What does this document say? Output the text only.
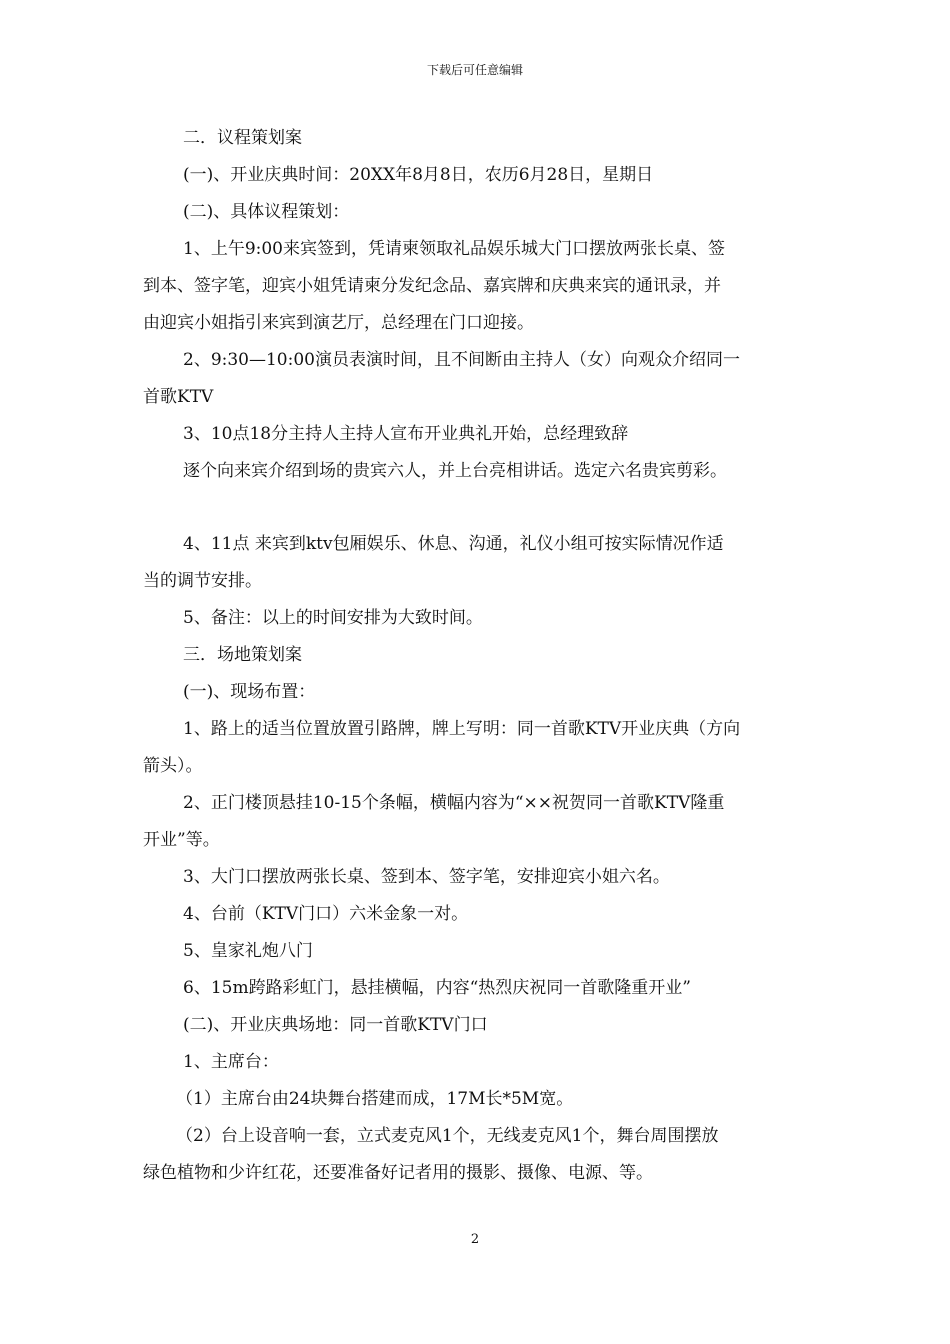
下载后可任意编辑
二．议程策划案
(一)、开业庆典时间：20XX年8月8日，农历6月28日，星期日
(二)、具体议程策划：
1、上午9:00来宾签到，凭请柬领取礼品娱乐城大门口摆放两张长桌、签
到本、签字笔，迎宾小姐凭请柬分发纪念品、嘉宾牌和庆典来宾的通讯录，并
由迎宾小姐指引来宾到演艺厅，总经理在门口迎接。
2、9:30—10:00演员表演时间，且不间断由主持人（女）向观众介绍同一
首歌KTV
3、10点18分主持人主持人宣布开业典礼开始，总经理致辞
逐个向来宾介绍到场的贵宾六人，并上台亮相讲话。选定六名贵宾剪彩。
4、11点 来宾到ktv包厢娱乐、休息、沟通，礼仪小组可按实际情况作适
当的调节安排。
5、备注：以上的时间安排为大致时间。
三．场地策划案
(一)、现场布置：
1、路上的适当位置放置引路牌，牌上写明：同一首歌KTV开业庆典（方向
箭头）。
2、正门楼顶悬挂10-15个条幅，横幅内容为“××祝贺同一首歌KTV隆重
开业”等。
3、大门口摆放两张长桌、签到本、签字笔，安排迎宾小姐六名。
4、台前（KTV门口）六米金象一对。
5、皇家礼炮八门
6、15m跨路彩虹门，悬挂横幅，内容“热烈庆祝同一首歌隆重开业”
(二)、开业庆典场地：同一首歌KTV门口
1、主席台：
（1）主席台由24块舞台搭建而成，17M长*5M宽。
（2）台上设音响一套，立式麦克风1个，无线麦克风1个，舞台周围摆放
绿色植物和少许红花，还要准备好记者用的摄影、摄像、电源、等。
2
